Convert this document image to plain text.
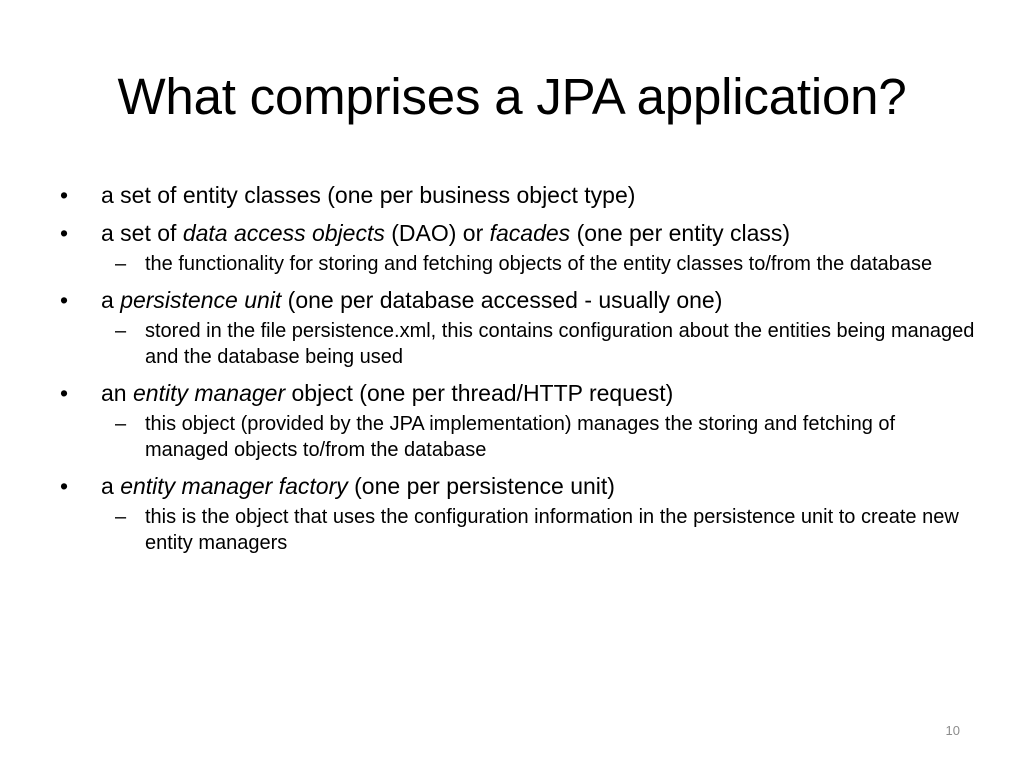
What comprises a JPA application?
• a set of entity classes (one per business object type)
• a set of data access objects (DAO) or facades (one per entity class)
– the functionality for storing and fetching objects of the entity classes to/from the database
• a persistence unit (one per database accessed - usually one)
– stored in the file persistence.xml, this contains configuration about the entities being managed and the database being used
• an entity manager object (one per thread/HTTP request)
– this object (provided by the JPA implementation) manages the storing and fetching of managed objects to/from the database
• a entity manager factory (one per persistence unit)
– this is the object that uses the configuration information in the persistence unit to create new entity managers
10
